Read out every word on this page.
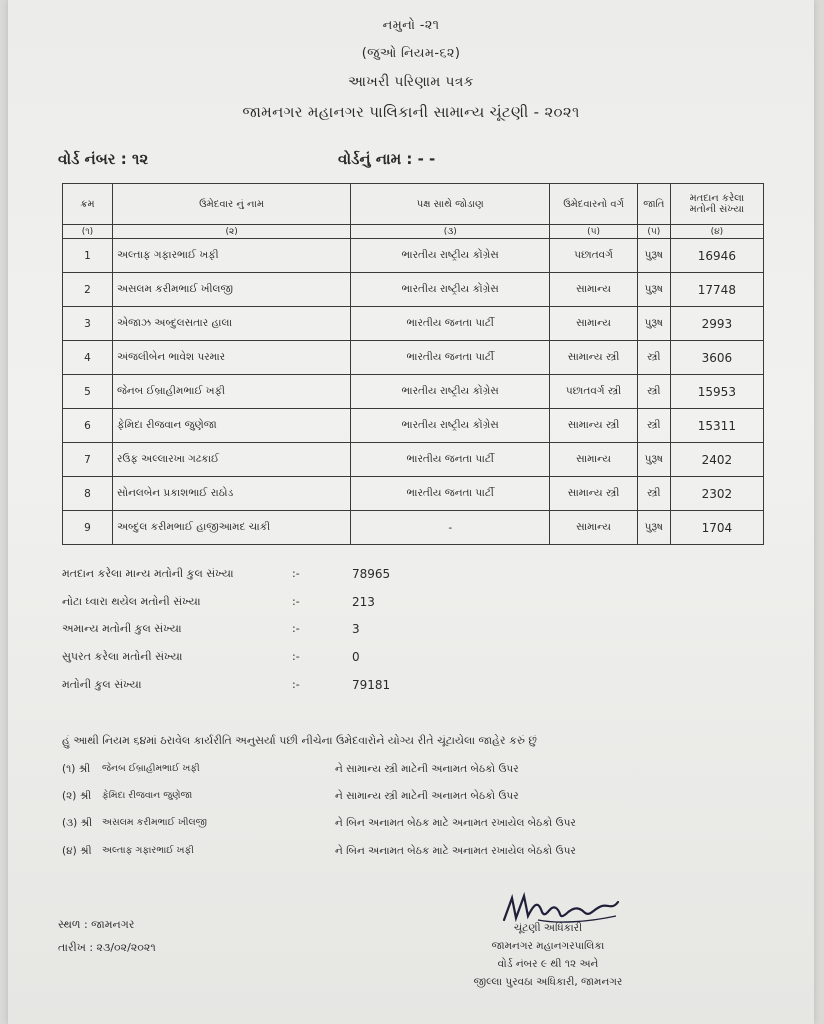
નમુનો -૨૧
(જુઓ નિયમ-૬૨)
આખરી પરિણામ પત્રક
જામનગર મહાનગર પાલિકાની સામાન્ય ચૂંટણી - ૨૦૨૧
વોર્ડ નંબર : ૧૨	વોર્ડનું નામ : - -
ક્રમ	ઉમેદવાર નું નામ	પક્ષ સાથે જોડાણ	ઉમેદવારનો વર્ગ	જાતિ	મતદાન કરેલા
મતોની સંખ્યા
(૧)	(૨)	(૩)	(૫)	(૫)	(૪)
1	અલ્તાફ ગફારભાઈ ખફી	ભારતીય રાષ્ટ્રીય કોંગ્રેસ	પછાતવર્ગ	પુરૂષ	16946
2	અસલમ કરીમભાઈ ખીલજી	ભારતીય રાષ્ટ્રીય કોંગ્રેસ	સામાન્ય	પુરૂષ	17748
3	એજાઝ અબ્દુલસતાર હાલા	ભારતીય જનતા પાર્ટી	સામાન્ય	પુરૂષ	2993
4	અંજલીબેન ભાવેશ પરમાર	ભારતીય જનતા પાર્ટી	સામાન્ય સ્ત્રી	સ્ત્રી	3606
5	જેનબ ઈબ્રાહીમભાઈ ખફી	ભારતીય રાષ્ટ્રીય કોંગ્રેસ	પછાતવર્ગ સ્ત્રી	સ્ત્રી	15953
6	ફેમિદા રીજવાન જુણેજા	ભારતીય રાષ્ટ્રીય કોંગ્રેસ	સામાન્ય સ્ત્રી	સ્ત્રી	15311
7	રઉફ અલ્લારખા ગઢકાઈ	ભારતીય જનતા પાર્ટી	સામાન્ય	પુરૂષ	2402
8	સોનલબેન પ્રકાશભાઈ રાઠોડ	ભારતીય જનતા પાર્ટી	સામાન્ય સ્ત્રી	સ્ત્રી	2302
9	અબ્દુલ કરીમભાઈ હાજીઆમદ ચાકી	-	સામાન્ય	પુરૂષ	1704
મતદાન કરેલા માન્ય મતોની કુલ સંખ્યા	:-	78965
નોટા ધ્વારા થયેલ મતોની સંખ્યા	:-	213
અમાન્ય મતોની કુલ સંખ્યા	:-	3
સુપરત કરેલા મતોની સંખ્યા	:-	0
મતોની કુલ સંખ્યા	:-	79181
હું આથી નિયમ ૬૪માં ઠરાવેલ કાર્યરીતિ અનુસર્યા પછી નીચેના ઉમેદવારોને યોગ્ય રીતે ચૂંટાયેલા જાહેર કરું છું
(૧) શ્રી જેનબ ઈબ્રાહીમભાઈ ખફી	ને સામાન્ય સ્ત્રી માટેની અનામત બેઠકો ઉપર
(૨) શ્રી ફેમિદા રીજવાન જુણેજા	ને સામાન્ય સ્ત્રી માટેની અનામત બેઠકો ઉપર
(૩) શ્રી અસલમ કરીમભાઈ ખીલજી	ને બિન અનામત બેઠક માટે અનામત રખાયેલ બેઠકો ઉપર
(૪) શ્રી અલ્તાફ ગફારભાઈ ખફી	ને બિન અનામત બેઠક માટે અનામત રખાયેલ બેઠકો ઉપર
સ્થળ : જામનગર
તારીખ : ૨૩/૦૨/૨૦૨૧
ચૂંટણી અધિકારી
જામનગર મહાનગરપાલિકા
વોર્ડ નંબર ૯ થી ૧૨ અને
જીલ્લા પુરવઠા અધિકારી, જામનગર
